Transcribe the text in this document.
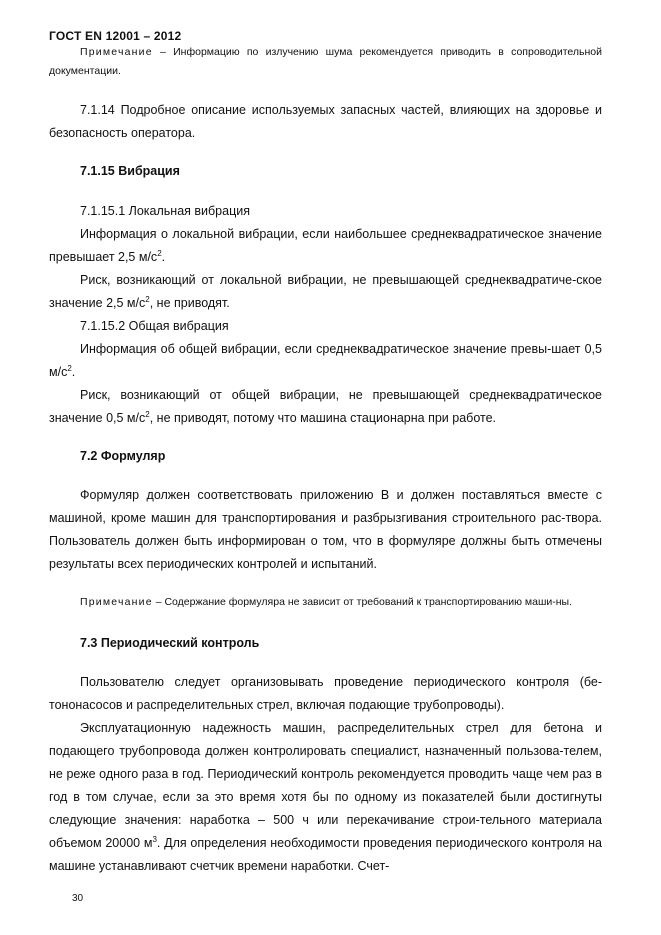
ГОСТ EN 12001 – 2012
Примечание – Информацию по излучению шума рекомендуется приводить в сопроводительной документации.
7.1.14 Подробное описание используемых запасных частей, влияющих на здоровье и безопасность оператора.
7.1.15 Вибрация
7.1.15.1 Локальная вибрация
Информация о локальной вибрации, если наибольшее среднеквадратическое значение превышает 2,5 $м/с^2$.
Риск, возникающий от локальной вибрации, не превышающей среднеквадратиче-ское значение 2,5 $м/с^2$, не приводят.
7.1.15.2 Общая вибрация
Информация об общей вибрации, если среднеквадратическое значение превы-шает 0,5 $м/с^2$.
Риск, возникающий от общей вибрации, не превышающей среднеквадратическое значение 0,5 $м/с^2$, не приводят, потому что машина стационарна при работе.
7.2 Формуляр
Формуляр должен соответствовать приложению В и должен поставляться вместе с машиной, кроме машин для транспортирования и разбрызгивания строительного рас-твора. Пользователь должен быть информирован о том, что в формуляре должны быть отмечены результаты всех периодических контролей и испытаний.
Примечание – Содержание формуляра не зависит от требований к транспортированию маши-ны.
7.3 Периодический контроль
Пользователю следует организовывать проведение периодического контроля (бе-тононасосов и распределительных стрел, включая подающие трубопроводы).
Эксплуатационную надежность машин, распределительных стрел для бетона и подающего трубопровода должен контролировать специалист, назначенный пользова-телем, не реже одного раза в год. Периодический контроль рекомендуется проводить чаще чем раз в год в том случае, если за это время хотя бы по одному из показателей были достигнуты следующие значения: наработка – 500 ч или перекачивание строи-тельного материала объемом 20000 $м^3$. Для определения необходимости проведения периодического контроля на машине устанавливают счетчик времени наработки. Счет-
30
